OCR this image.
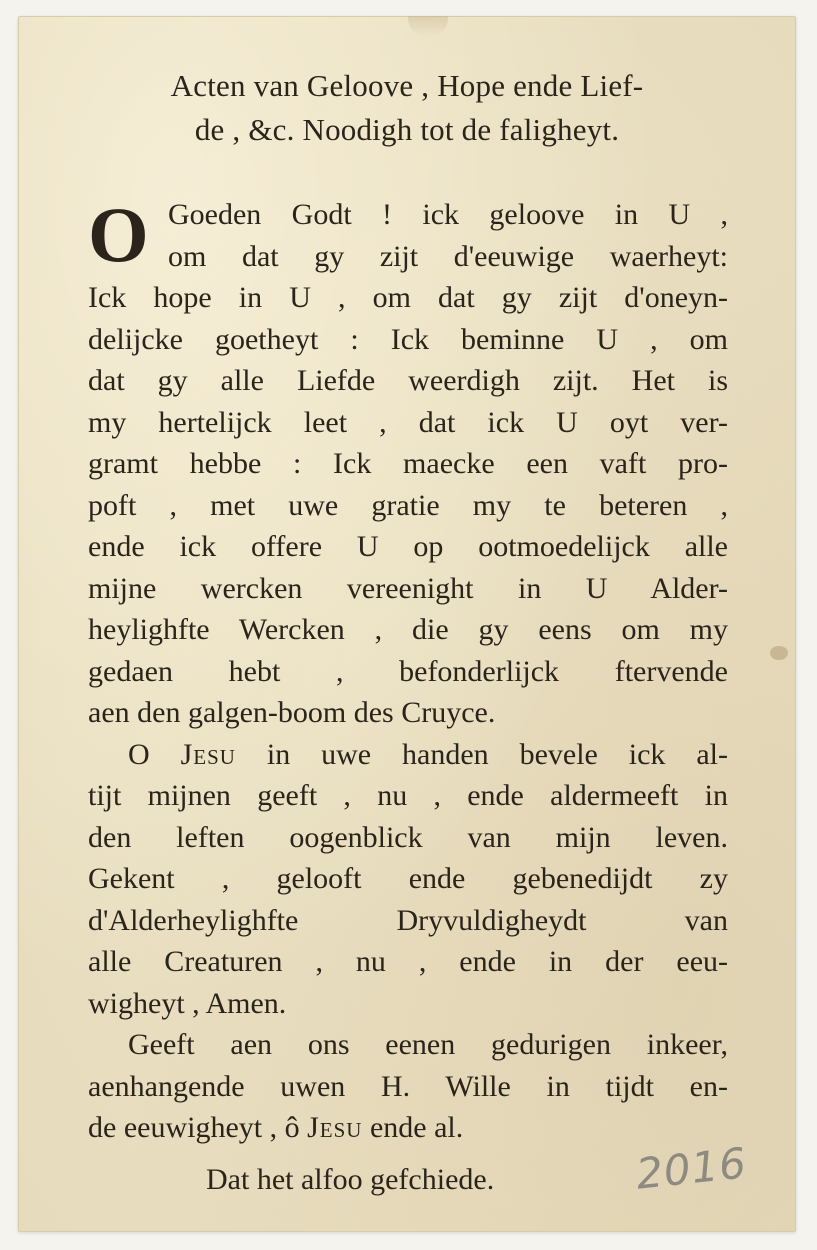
Acten van Geloove , Hope ende Lief-
de , &c. Noodigh tot de faligheyt.
O Goeden Godt ! ick geloove in U ,
om dat gy zijt d'eeuwige waerheyt:
Ick hope in U , om dat gy zijt d'oneyn-
delijcke goetheyt : Ick beminne U , om
dat gy alle Liefde weerdigh zijt. Het is
my hertelijck leet , dat ick U oyt ver-
gramt hebbe : Ick maecke een vaft pro-
poft , met uwe gratie my te beteren ,
ende ick offere U op ootmoedelijck alle
mijne wercken vereenight in U Alder-
heylighfte Wercken , die gy eens om my
gedaen hebt , befonderlijck ftervende
aen den galgen-boom des Cruyce.
O Jesu in uwe handen bevele ick al-
tijt mijnen geeft , nu , ende aldermeeft in
den leften oogenblick van mijn leven.
Gekent , gelooft ende gebenedijdt zy
d'Alderheylighfte Dryvuldigheydt van
alle Creaturen , nu , ende in der eeu-
wigheyt , Amen.
Geeft aen ons eenen gedurigen inkeer,
aenhangende uwen H. Wille in tijdt en-
de eeuwigheyt , ô Jesu ende al.
Dat het alfoo gefchiede.	2016
